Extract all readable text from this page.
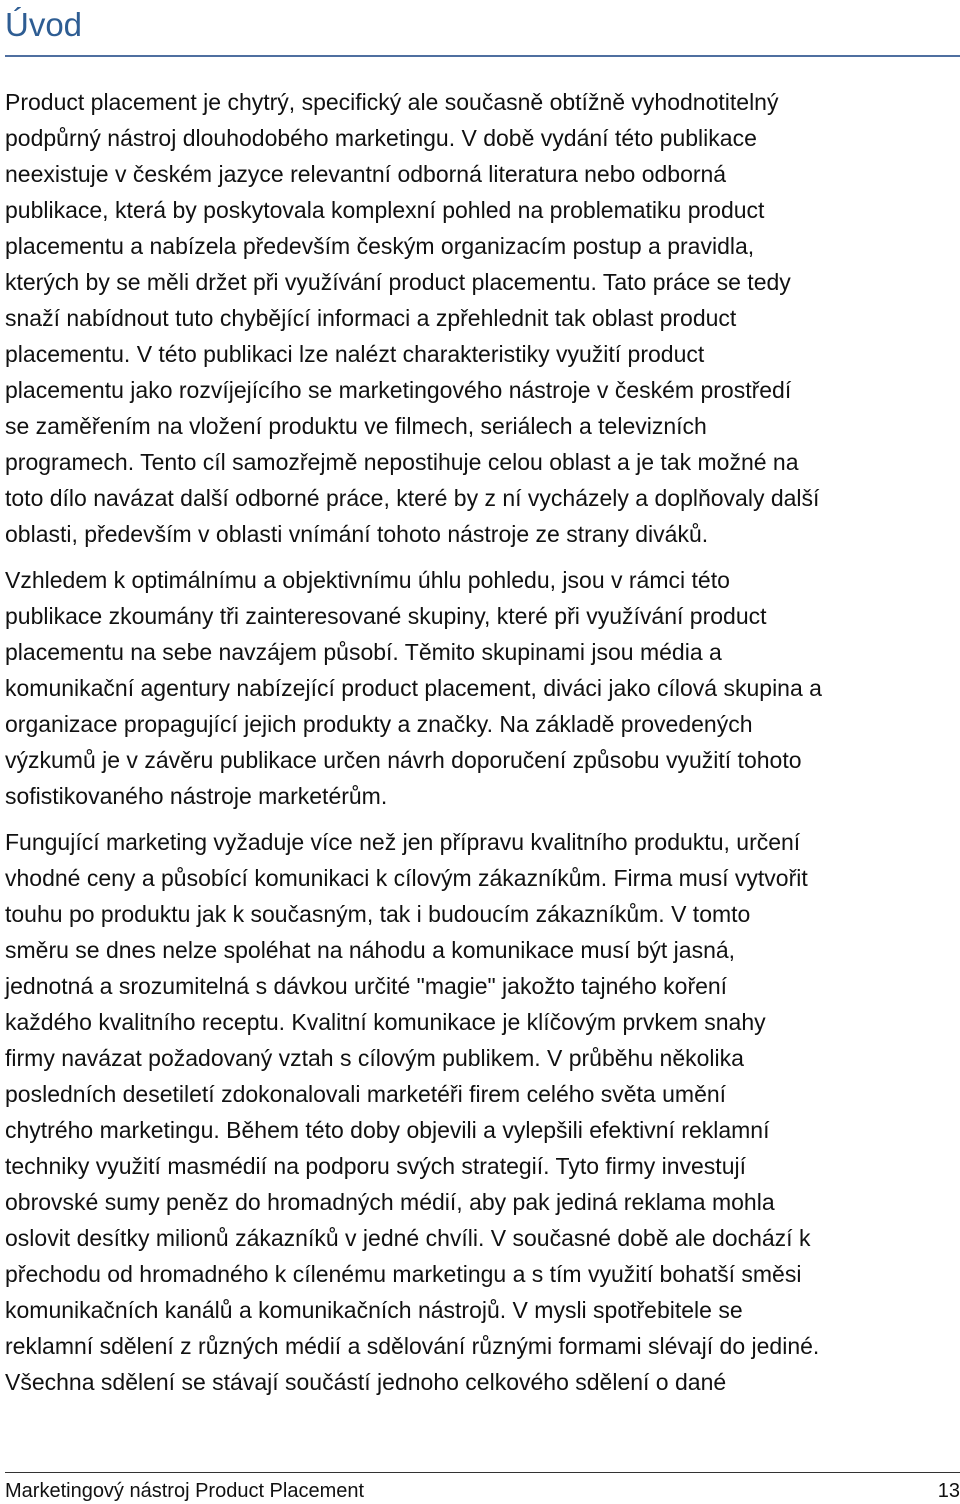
Úvod

Product placement je chytrý, specifický ale současně obtížně vyhodnotitelný
podpůrný nástroj dlouhodobého marketingu. V době vydání této publikace
neexistuje v českém jazyce relevantní odborná literatura nebo odborná
publikace, která by poskytovala komplexní pohled na problematiku product
placementu a nabízela především českým organizacím postup a pravidla,
kterých by se měli držet při využívání product placementu. Tato práce se tedy
snaží nabídnout tuto chybějící informaci a zpřehlednit tak oblast product
placementu. V této publikaci lze nalézt charakteristiky využití product
placementu jako rozvíjejícího se marketingového nástroje v českém prostředí
se zaměřením na vložení produktu ve filmech, seriálech a televizních
programech. Tento cíl samozřejmě nepostihuje celou oblast a je tak možné na
toto dílo navázat další odborné práce, které by z ní vycházely a doplňovaly další
oblasti, především v oblasti vnímání tohoto nástroje ze strany diváků.

Vzhledem k optimálnímu a objektivnímu úhlu pohledu, jsou v rámci této
publikace zkoumány tři zainteresované skupiny, které při využívání product
placementu na sebe navzájem působí. Těmito skupinami jsou média a
komunikační agentury nabízející product placement, diváci jako cílová skupina a
organizace propagující jejich produkty a značky. Na základě provedených
výzkumů je v závěru publikace určen návrh doporučení způsobu využití tohoto
sofistikovaného nástroje marketérům.

Fungující marketing vyžaduje více než jen přípravu kvalitního produktu, určení
vhodné ceny a působící komunikaci k cílovým zákazníkům. Firma musí vytvořit
touhu po produktu jak k současným, tak i budoucím zákazníkům. V tomto
směru se dnes nelze spoléhat na náhodu a komunikace musí být jasná,
jednotná a srozumitelná s dávkou určité "magie" jakožto tajného koření
každého kvalitního receptu. Kvalitní komunikace je klíčovým prvkem snahy
firmy navázat požadovaný vztah s cílovým publikem. V průběhu několika
posledních desetiletí zdokonalovali marketéři firem celého světa umění
chytrého marketingu. Během této doby objevili a vylepšili efektivní reklamní
techniky využití masmédií na podporu svých strategií. Tyto firmy investují
obrovské sumy peněz do hromadných médií, aby pak jediná reklama mohla
oslovit desítky milionů zákazníků v jedné chvíli. V současné době ale dochází k
přechodu od hromadného k cílenému marketingu a s tím využití bohatší směsi
komunikačních kanálů a komunikačních nástrojů. V mysli spotřebitele se
reklamní sdělení z různých médií a sdělování různými formami slévají do jediné.
Všechna sdělení se stávají součástí jednoho celkového sdělení o dané

Marketingový nástroj Product Placement	13
